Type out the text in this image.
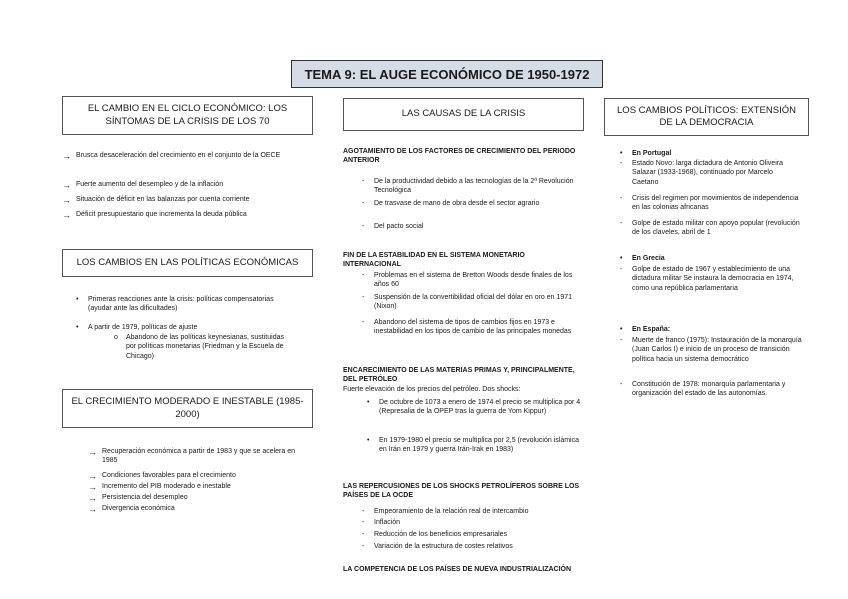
TEMA 9: EL AUGE ECONÓMICO DE 1950-1972
EL CAMBIO EN EL CICLO ECONÓMICO: LOS SÍNTOMAS DE LA CRISIS DE LOS 70
→ Brusca desaceleración del crecimiento en el conjunto de la OECE
→ Fuerte aumento del desempleo y de la inflación
→ Situación de déficit en las balanzas por cuenta corriente
→ Déficit presupuestario que incrementa la deuda pública
LOS CAMBIOS EN LAS POLÍTICAS ECONÓMICAS
•	Primeras reacciones ante la crisis: políticas compensatorias (ayudar ante las dificultades)
•	A partir de 1979, políticas de ajuste
o	Abandono de las políticas keynesianas, sustituidas por políticas monetarias (Friedman y la Escuela de Chicago)
EL CRECIMIENTO MODERADO E INESTABLE (1985-2000)
→ Recuperación económica a partir de 1983 y que se acelera en 1985
→ Condiciones favorables para el crecimiento
→ Incremento del PIB moderado e inestable
→ Persistencia del desempleo
→ Divergencia económica
LAS CAUSAS DE LA CRISIS
AGOTAMIENTO DE LOS FACTORES DE CRECIMIENTO DEL PERIODO ANTERIOR
-	De la productividad debido a las tecnologías de la 2ª Revolución Tecnológica
-	De trasvase de mano de obra desde el sector agrario
-	Del pacto social
FIN DE LA ESTABILIDAD EN EL SISTEMA MONETARIO INTERNACIONAL
-	Problemas en el sistema de Bretton Woods desde finales de los años 60
-	Suspensión de la convertibilidad oficial del dólar en oro en 1971 (Nixon)
-	Abandono del sistema de tipos de cambios fijos en 1973 e inestabilidad en los tipos de cambio de las principales monedas
ENCARECIMIENTO DE LAS MATERIAS PRIMAS Y, PRINCIPALMENTE, DEL PETRÓLEO
Fuerte elevación de los precios del petróleo. Dos shocks:
•	De octubre de 1073 a enero de 1974 el precio se multiplica por 4 (Represalia de la OPEP tras la guerra de Yom Kippur)
•	En 1979-1980 el precio se multiplica por 2,5 (revolución islámica en Irán en 1979 y guerra Irán-Irak en 1983)
LAS REPERCUSIONES DE LOS SHOCKS PETROLÍFEROS SOBRE LOS PAÍSES DE LA OCDE
-	Empeoramiento de la relación real de intercambio
-	Inflación
-	Reducción de los beneficios empresariales
-	Variación de la estructura de costes relativos
LA COMPETENCIA DE LOS PAÍSES DE NUEVA INDUSTRIALIZACIÓN
LOS CAMBIOS POLÍTICOS: EXTENSIÓN DE LA DEMOCRACIA
•	En Portugal
-	Estado Novo: larga dictadura de Antonio Oliveira Salazar (1933-1968), continuado por Marcelo Caetano
-	Crisis del regimen por movimientos de independencia en las colonias africanas
-	Golpe de estado militar con apoyo popular (revolución de los claveles, abril de 1
•	En Grecia
-	Golpe de estado de 1967 y establecimiento de una dictadura militar Se instaura la democracia en 1974, como una república parlamentaria
•	En España:
-	Muerte de franco (1975): Instauración de la monarquía (Juan Carlos I) e inicio de un proceso de transición política hacia un sistema democrático
-	Constitución de 1978: monarquía parlamentaria y organización del estado de las autonomías.
